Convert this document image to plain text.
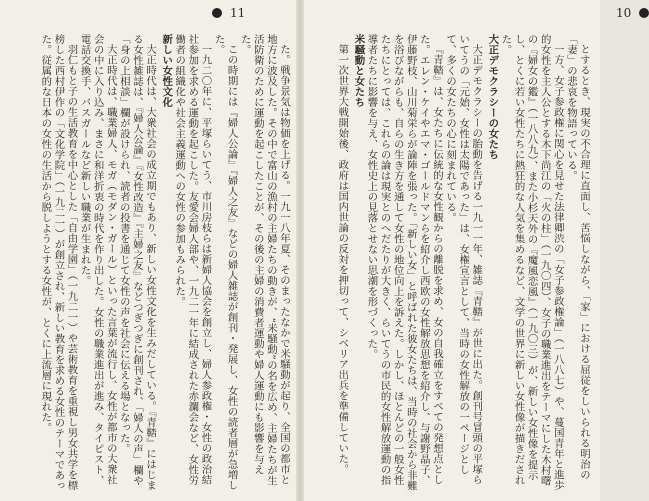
11

た。戦争景気は物価を上げる。一九一八年夏、そのまったなかで米騒動が起り、全国の都市と地方に波及した。その中で富山の漁村の主婦たちの動きが、“米騒動”の名を広め、主婦たちが生活防衛のために運動を起こしたことが、その後の主婦の消費者運動や婦人運動にも影響を与えた。

この時期には『婦人公論』『婦人之友』などの婦人雑誌が創刊・発展し、女性の読者層が急増した。

一九二〇年に、平塚らいてう、市川房枝らは新婦人協会を創立し、婦人参政権・女性の政治結社参加を求める運動を起こした。友愛会婦人部や、一九二一年に結成された赤瀾会など、女性労働者の組織化や社会主義運動への女性の参加もみられた。

新しい女性文化

大正時代は、大衆社会の成立期でもあり、新しい女性文化を生みだしている。『青鞜』にはじまる女性雑誌は、『婦人公論』『女性改造』『主婦之友』などつぎつぎに創刊され、「婦人の声」欄や「身の上相談」欄が設けられ、読者の投書を通じて女性の声を社会に伝える場となった。

大正時代は、職業婦人、モガ（モダン・ガール）といった言葉が流行し、女性が都市の大衆社会の中に入り込み、まさに和洋折衷の時代を作り出した。女性の職業進出が進み、タイピスト、電話交換手、バスガールなど新しい職業が生まれた。

羽仁もと子の生活教育を中心とした「自由学園」（一九二一）や芸術教育を重視し男女共学を標榜した西村伊作の「文化学院」（一九二一）が創立され、新しい教育を求める女性のテーマであった。従属的な日本の女性の生活から脱しようとする女性が、とくに上流層に現れた。

10

とするとき、現実の不合理に直面し、苦悩しながら、「家」における屈従をしいられる明治の「妻」の悲哀を物語っている。

一方、女子参政権に関心を見せた法律卿渋の「女子参政権論」（一八八七）や、蔓国青年と進歩的女性を主人公とする木下尚江の「火の柱」（一九〇四）、女子の職業進出をテーマにした木村曙の『婦女の鑑』（一八八九）、また小杉天外の『魔風恋風』（一九〇三）が、新しい女性像を提示し、とくに若い女性たちに熱狂的な人気を集めるなど、文学の世界に新しい女性像が描きだされた。

大正デモクラシーの女たち

大正デモクラシーの胎動を告げる一九一一年、雑誌『青鞜』が世に出た。創刊号冒頭の平塚らいてうの「元始、女性は太陽であった」は、女権宣言として、当時の女性解放の一ページとして、多くの女たちの心に刻まれている。

『青鞜』は、女たちに伝統的な女性観からの離脱を求め、女の自我確立をすべての発想点とした。エレン・ケイやエマ・ゴールドマンらを紹介し西欧の女性解放思想を紹介し、与謝野晶子、伊藤野枝、山川菊栄らが論陣を張った。「新しい女」と呼ばれた彼女たちは、当時の社会から非難を浴びながらも、自らの生き方を通して女性の地位向上を訴えた。しかし、ほとんどの一般女性たちにとっては、これらの論は現実とのへだたりが大きく、らいてうの市民的女性解放運動の指導者たちに影響を与え、女性史上の見落とせない思潮を形づくった。

米騒動と女たち

第一次世界大戦開始後、政府は国内世論の反対を押切って、シベリア出兵を準備していた。
